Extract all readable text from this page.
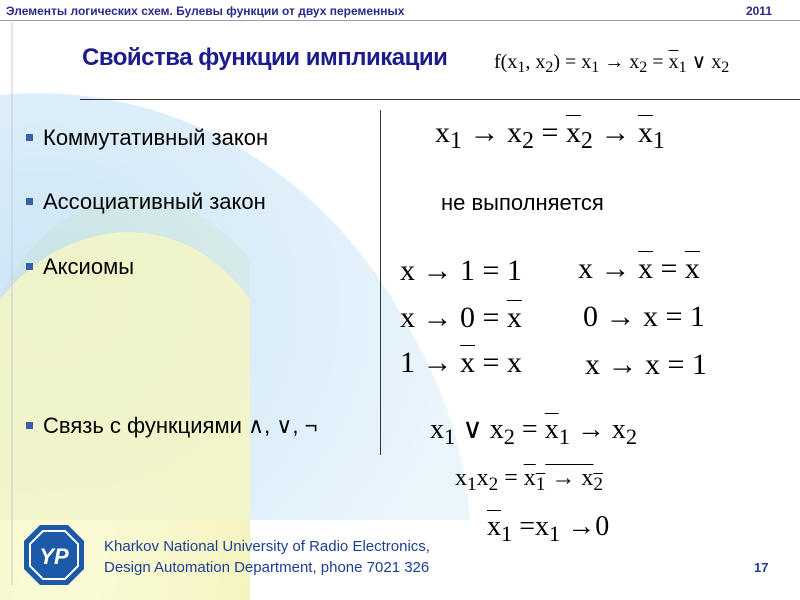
Элементы логических схем. Булевы функции от двух переменных	2011
Свойства функции импликации $f(x_1$, $x_2) = x_1 \to x_2 = \overline{x}_1$ ∨ $x_2$
Коммутативный закон
Ассоциативный закон
Аксиомы
Связь с функциями ∧, ∨, ¬
$x_1 \to x_2 = \overline{x}_2 \to \overline{x}_1$
не выполняется
x → 1 = 1
$x \to 0 = \overline{x}$
$1 \to \overline{x} = x$
$x \to \overline{x} = \overline{x}$
0 → x = 1
x → x = 1
x1 ∨ $x2 = \overline{x}1 \to x2$
x1x2 = x1 → x2
$\overline{x}1 =x1 \to 0$
YP Kharkov National University of Radio Electronics,
Design Automation Department, phone 7021 326	17
